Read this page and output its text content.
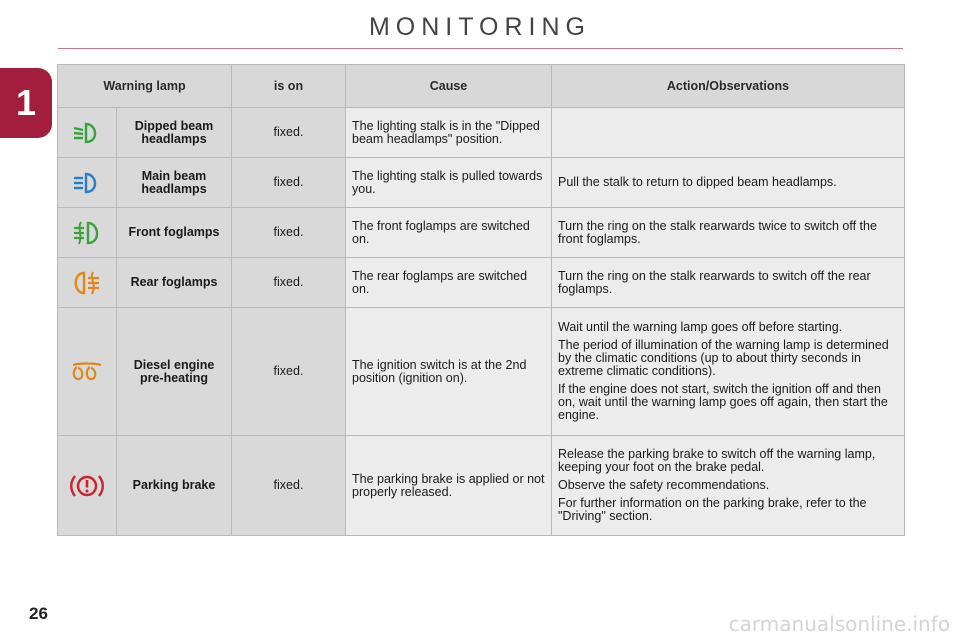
MONITORING
1	Warning lamp		is on	Cause	Action/Observations

	Dipped beam headlamps	fixed.	The lighting stalk is in the "Dipped beam headlamps" position.	

	Main beam headlamps	fixed.	The lighting stalk is pulled towards you.	Pull the stalk to return to dipped beam headlamps.

	Front foglamps	fixed.	The front foglamps are switched on.	Turn the ring on the stalk rearwards twice to switch off the front foglamps.

	Rear foglamps	fixed.	The rear foglamps are switched on.	Turn the ring on the stalk rearwards to switch off the rear foglamps.

	Diesel engine pre-heating	fixed.	The ignition switch is at the 2nd position (ignition on).	Wait until the warning lamp goes off before starting.

The period of illumination of the warning lamp is determined by the climatic conditions (up to about thirty seconds in extreme climatic conditions).

If the engine does not start, switch the ignition off and then on, wait until the warning lamp goes off again, then start the engine.

	Parking brake	fixed.	The parking brake is applied or not properly released.	Release the parking brake to switch off the warning lamp, keeping your foot on the brake pedal.

Observe the safety recommendations.

For further information on the parking brake, refer to the "Driving" section.

26	carmanualsonline.info
